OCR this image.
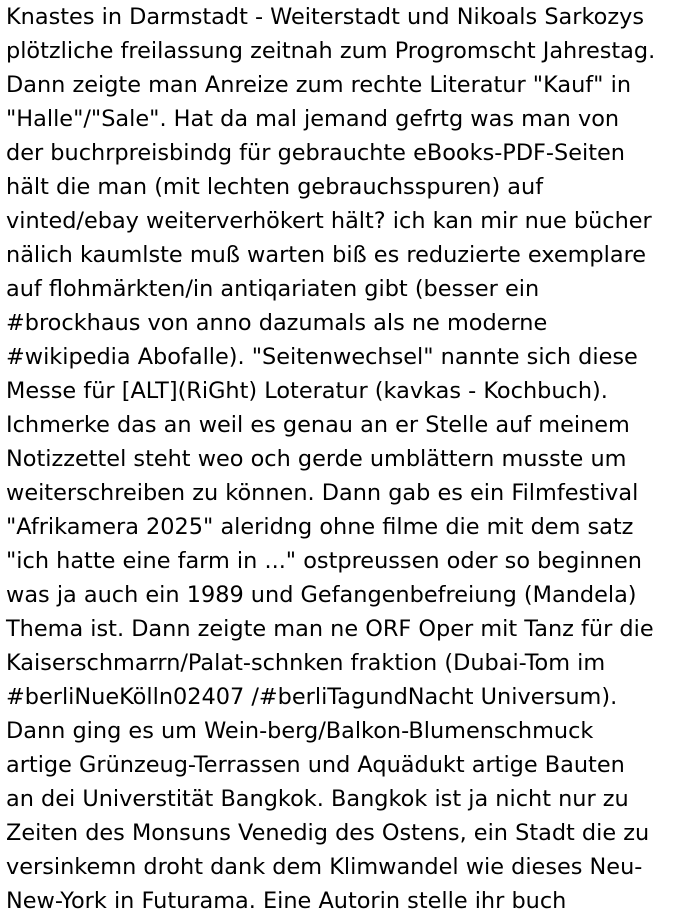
Knastes in Darmstadt - Weiterstadt und Nikoals Sarkozys
plötzliche freilassung zeitnah zum Progromscht Jahrestag.
Dann zeigte man Anreize zum rechte Literatur "Kauf" in
"Halle"/"Sale". Hat da mal jemand gefrtg was man von
der buchrpreisbindg für gebrauchte eBooks-PDF-Seiten
hält die man (mit lechten gebrauchsspuren) auf
vinted/ebay weiterverhökert hält? ich kan mir nue bücher
nälich kaumlste muß warten biß es reduzierte exemplare
auf flohmärkten/in antiqariaten gibt (besser ein
#brockhaus von anno dazumals als ne moderne
#wikipedia Abofalle). "Seitenwechsel" nannte sich diese
Messe für [ALT](RiGht) Loteratur (kavkas - Kochbuch).
Ichmerke das an weil es genau an er Stelle auf meinem
Notizzettel steht weo och gerde umblättern musste um
weiterschreiben zu können. Dann gab es ein Filmfestival
"Afrikamera 2025" aleridng ohne filme die mit dem satz
"ich hatte eine farm in ..." ostpreussen oder so beginnen
was ja auch ein 1989 und Gefangenbefreiung (Mandela)
Thema ist. Dann zeigte man ne ORF Oper mit Tanz für die
Kaiserschmarrn/Palat-schnken fraktion (Dubai-Tom im
#berliNueKölln02407 /#berliTagundNacht Universum).
Dann ging es um Wein-berg/Balkon-Blumenschmuck
artige Grünzeug-Terrassen und Aquädukt artige Bauten
an dei Universtität Bangkok. Bangkok ist ja nicht nur zu
Zeiten des Monsuns Venedig des Ostens, ein Stadt die zu
versinkemn droht dank dem Klimwandel wie dieses Neu-
New-York in Futurama. Eine Autorin stelle ihr buch
